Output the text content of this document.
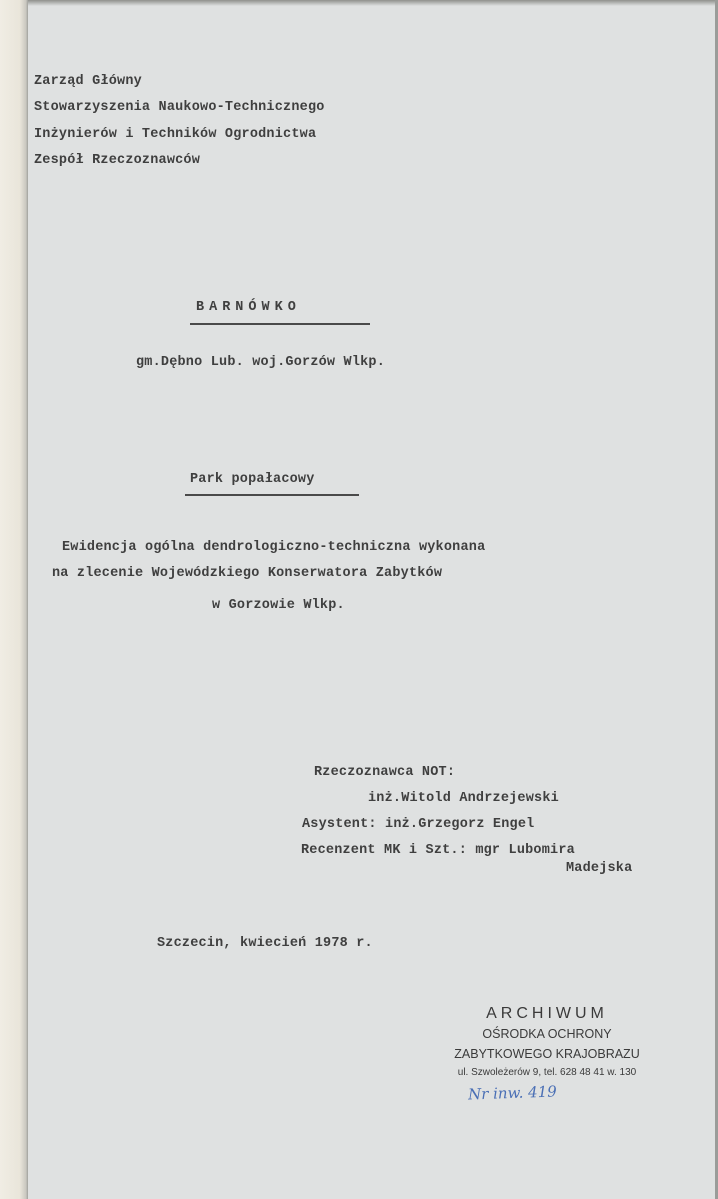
Zarząd Główny
Stowarzyszenia Naukowo-Technicznego
Inżynierów i Techników Ogrodnictwa
Zespół Rzeczoznawców
BARNÓWKO
gm.Dębno Lub. woj.Gorzów Wlkp.
Park popałacowy
Ewidencja ogólna dendrologiczno-techniczna wykonana
na zlecenie Wojewódzkiego Konserwatora Zabytków
w Gorzowie Wlkp.
Rzeczoznawca NOT:
inż.Witold Andrzejewski
Asystent: inż.Grzegorz Engel
Recenzent MK i Szt.: mgr Lubomira
Madejska
Szczecin, kwiecień 1978 r.
ARCHIWUM
OŚRODKA OCHRONY
ZABYTKOWEGO KRAJOBRAZU
ul. Szwoleżerów 9, tel. 628 48 41 w. 130
Nr inw. 419
